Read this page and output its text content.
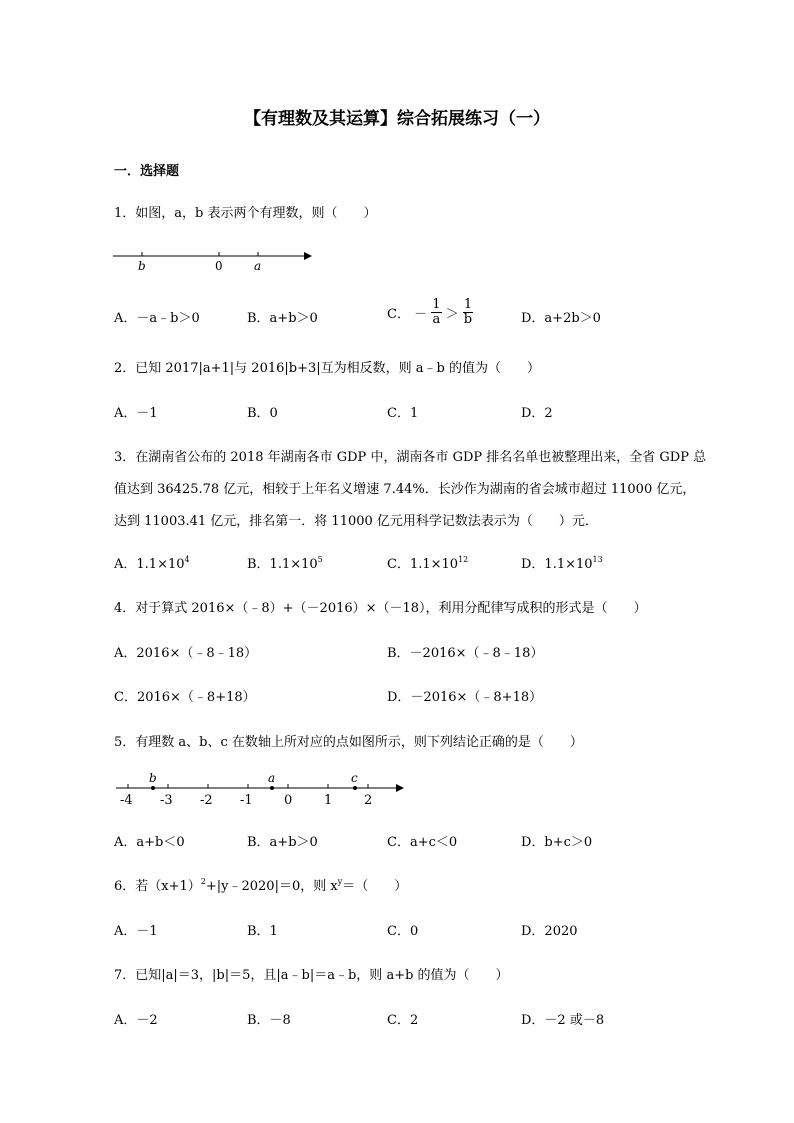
【有理数及其运算】综合拓展练习（一）
一．选择题
1．如图，a，b 表示两个有理数，则（　　）
b	0	a
A．－a﹣b＞0	B．a+b＞0	C． － $\frac{1}{a} > \frac{1}{b}$	D．a+2b＞0
2．已知 2017|a+1|与 2016|b+3|互为相反数，则 a﹣b 的值为（　　）
A．－1	B．0	C．1	D．2
3．在湖南省公布的 2018 年湖南各市 GDP 中，湖南各市 GDP 排名名单也被整理出来，全省 GDP 总
值达到 36425.78 亿元，相较于上年名义增速 7.44%．长沙作为湖南的省会城市超过 11000 亿元，
达到 11003.41 亿元，排名第一．将 11000 亿元用科学记数法表示为（　　）元．
A．$1.1\times 10^4$	B．$1.1\times 10^5$	C．$1.1\times 10^{12}$	D．$1.1\times 10^{13}$
4．对于算式 2016×（﹣8）+（－2016）×（－18），利用分配律写成积的形式是（　　）
A．2016×（﹣8﹣18）	B．－2016×（﹣8﹣18）
C．2016×（﹣8+18）	D．－2016×（﹣8+18）
5．有理数 a、b、c 在数轴上所对应的点如图所示，则下列结论正确的是（　　）
b	a	c
-4 -3 -2 -1 0 1 2
A．a+b＜0	B．a+b＞0	C．a+c＜0	D．b+c＞0
6．若$(x+1)^2+|y﹣2020|=0$，则 $x^y=$（　　）
A．－1	B．1	C．0	D．2020
7．已知|a|＝3，|b|＝5，且|a﹣b|＝a﹣b，则 a+b 的值为（　　）
A．－2	B．－8	C．2	D．－2 或－8
